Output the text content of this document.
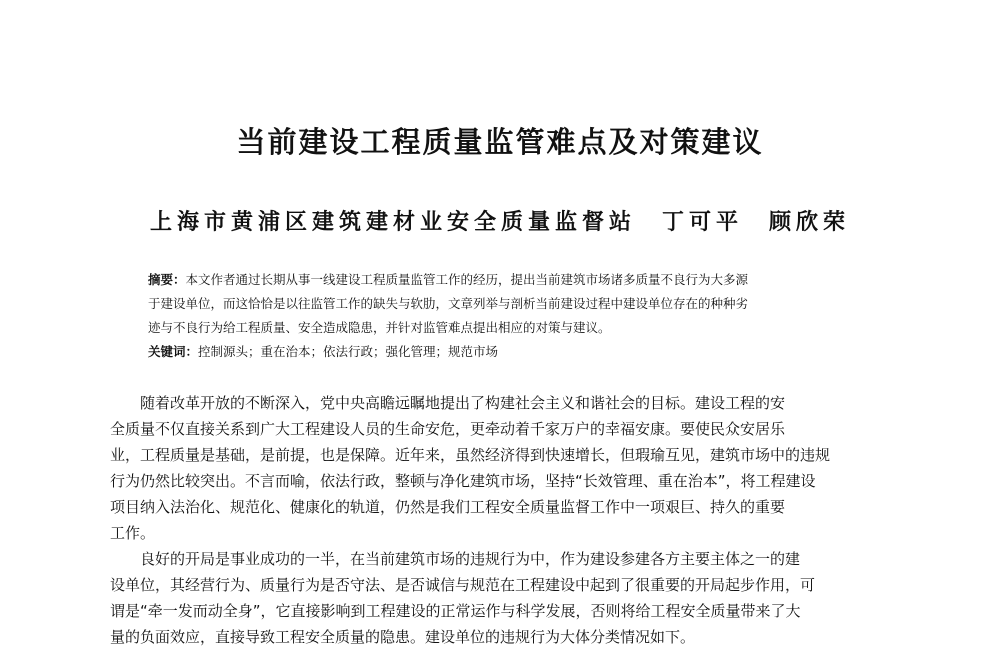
当前建设工程质量监管难点及对策建议
上海市黄浦区建筑建材业安全质量监督站 丁可平 顾欣荣
摘要：本文作者通过长期从事一线建设工程质量监管工作的经历，提出当前建筑市场诸多质量不良行为大多源
于建设单位，而这恰恰是以往监管工作的缺失与软肋，文章列举与剖析当前建设过程中建设单位存在的种种劣
迹与不良行为给工程质量、安全造成隐患，并针对监管难点提出相应的对策与建议。
关键词：控制源头；重在治本；依法行政；强化管理；规范市场
随着改革开放的不断深入，党中央高瞻远瞩地提出了构建社会主义和谐社会的目标。建设工程的安
全质量不仅直接关系到广大工程建设人员的生命安危，更牵动着千家万户的幸福安康。要使民众安居乐
业，工程质量是基础，是前提，也是保障。近年来，虽然经济得到快速增长，但瑕瑜互见，建筑市场中的违规
行为仍然比较突出。不言而喻，依法行政，整顿与净化建筑市场，坚持“长效管理、重在治本”，将工程建设
项目纳入法治化、规范化、健康化的轨道，仍然是我们工程安全质量监督工作中一项艰巨、持久的重要
工作。
良好的开局是事业成功的一半，在当前建筑市场的违规行为中，作为建设参建各方主要主体之一的建
设单位，其经营行为、质量行为是否守法、是否诚信与规范在工程建设中起到了很重要的开局起步作用，可
谓是“牵一发而动全身”，它直接影响到工程建设的正常运作与科学发展，否则将给工程安全质量带来了大
量的负面效应，直接导致工程安全质量的隐患。建设单位的违规行为大体分类情况如下。
